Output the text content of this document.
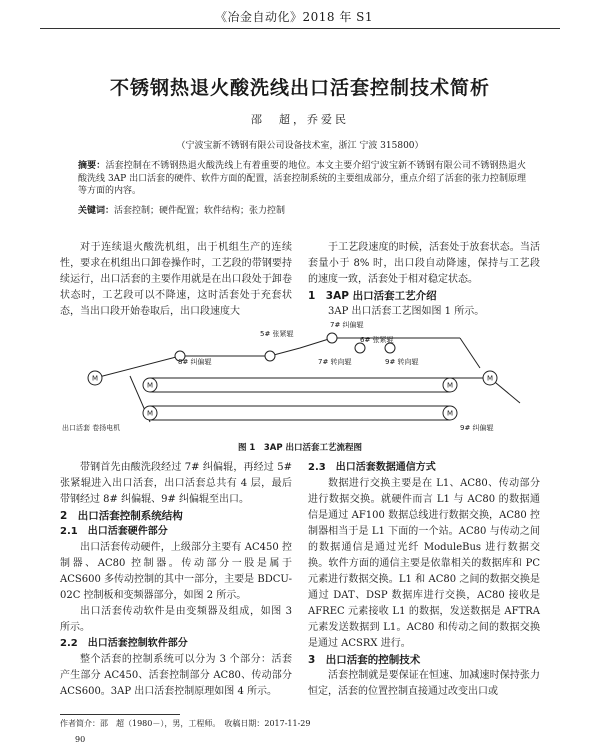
《冶金自动化》2018 年 S1
不锈钢热退火酸洗线出口活套控制技术简析
邵　超，乔爱民
（宁波宝新不锈钢有限公司设备技术室，浙江 宁波 315800）
摘要：活套控制在不锈钢热退火酸洗线上有着重要的地位。本文主要介绍宁波宝新不锈钢有限公司不锈钢热退火酸洗线 3AP 出口活套的硬件、软件方面的配置，活套控制系统的主要组成部分，重点介绍了活套的张力控制原理等方面的内容。
关键词：活套控制；硬件配置；软件结构；张力控制

对于连续退火酸洗机组，出于机组生产的连续性，要求在机组出口卸卷操作时，工艺段的带钢要持续运行，出口活套的主要作用就是在出口段处于卸卷状态时，工艺段可以不降速，这时活套处于充套状态，当出口段开始卷取后，出口段速度大

于工艺段速度的时候，活套处于放套状态。当活套量小于 8% 时，出口段自动降速，保持与工艺段的速度一致，活套处于相对稳定状态。

1　3AP 出口活套工艺介绍

3AP 出口活套工艺图如图 1 所示。

M
M
M
M
M
M
7# 纠偏辊
5# 张紧辊
8# 纠偏辊
6# 张紧辊
7# 转向辊	9# 转向辊
出口活套 卷扬电机	9# 纠偏辊
图 1　3AP 出口活套工艺流程图

带钢首先由酸洗段经过 7# 纠偏辊，再经过 5# 张紧辊进入出口活套，出口活套总共有 4 层，最后带钢经过 8# 纠偏辊、9# 纠偏辊至出口。

2　出口活套控制系统结构

2.1　出口活套硬件部分

出口活套传动硬件，上级部分主要有 AC450 控制器、AC80 控制器。传动部分一股是属于 ACS600 多传动控制的其中一部分，主要是 BDCU-02C 控制板和变频器部分，如图 2 所示。

出口活套传动软件是由变频器及组成，如图 3 所示。

2.2　出口活套控制软件部分

整个活套的控制系统可以分为 3 个部分：活套产生部分 AC450、活套控制部分 AC80、传动部分 ACS600。3AP 出口活套控制原理如图 4 所示。

2.3　出口活套数据通信方式

数据进行交换主要是在 L1、AC80、传动部分进行数据交换。就硬件而言 L1 与 AC80 的数据通信是通过 AF100 数据总线进行数据交换，AC80 控制器相当于是 L1 下面的一个站。AC80 与传动之间的数据通信是通过光纤 ModuleBus 进行数据交换。软件方面的通信主要是依靠相关的数据库和 PC 元素进行数据交换。L1 和 AC80 之间的数据交换是通过 DAT、DSP 数据库进行交换，AC80 接收是 AFREC 元素接收 L1 的数据，发送数据是 AFTRA 元素发送数据到 L1。AC80 和传动之间的数据交换是通过 ACSRX 进行。

3　出口活套的控制技术

活套控制就是要保证在恒速、加减速时保持张力恒定，活套的位置控制直接通过改变出口或

作者简介：邵　超（1980－），男，工程师。　收稿日期：2017-11-29
90
